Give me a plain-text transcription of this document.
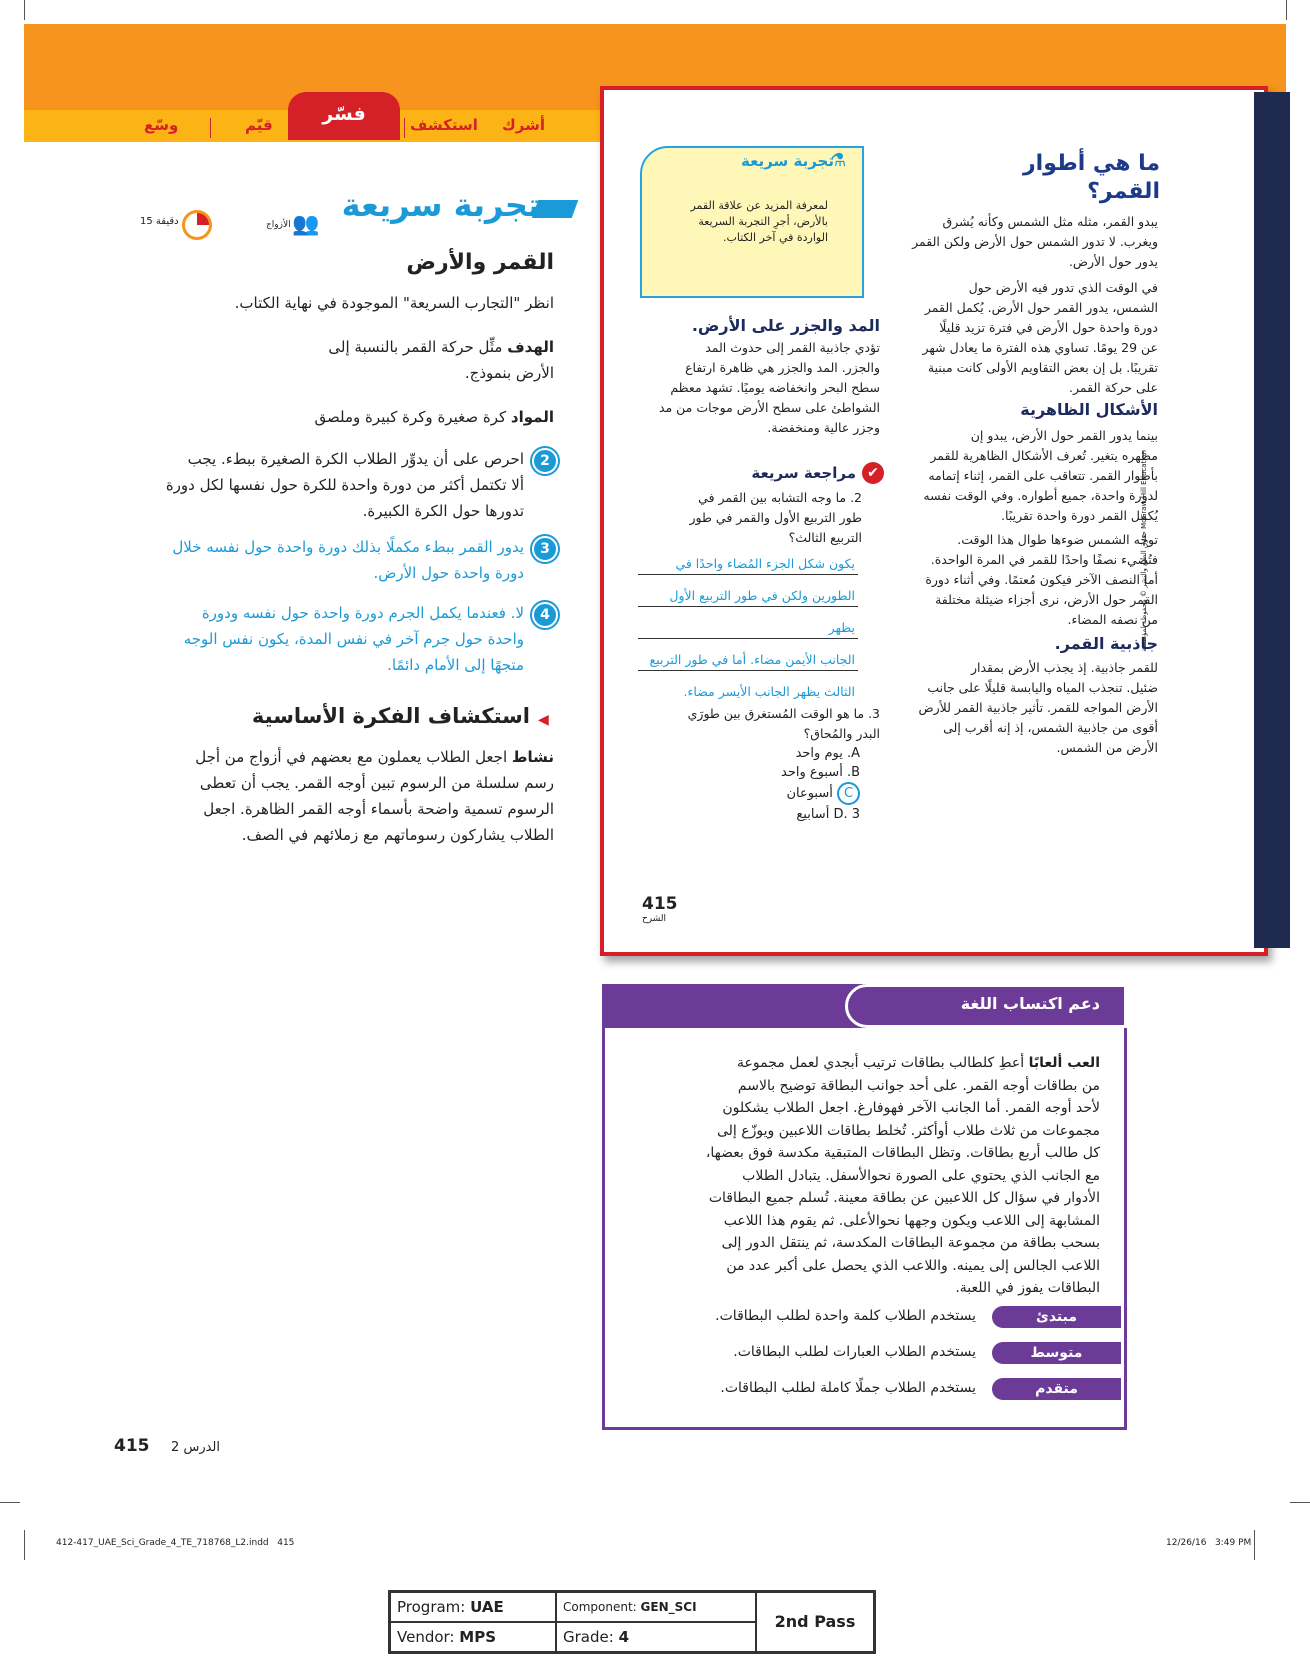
فسّر	أشرك
استكشف
قيّم
وسّع
ما هي أطوار
القمر؟
يبدو القمر، مثله مثل الشمس وكأنه يُشرق
ويغرب. لا تدور الشمس حول الأرض ولكن القمر
يدور حول الأرض.
في الوقت الذي تدور فيه الأرض حول
الشمس، يدور القمر حول الأرض. يُكمل القمر
دورة واحدة حول الأرض في فترة تزيد قليلًا
عن 29 يومًا. تساوي هذه الفترة ما يعادل شهر
تقريبًا. بل إن بعض التقاويم الأولى كانت مبنية
على حركة القمر.
الأشكال الظاهرية
بينما يدور القمر حول الأرض، يبدو إن
مظهره يتغير. تُعرف الأشكال الظاهرية للقمر
بأطوار القمر. تتعاقب على القمر، إثناء إتمامه
لدورة واحدة، جميع أطواره. وفي الوقت نفسه
يُكمل القمر دورة واحدة تقريبًا.
توجّه الشمس ضوءها طوال هذا الوقت.
فتُضيء نصفًا واحدًا للقمر في المرة الواحدة.
أما النصف الآخر فيكون مُعتمًا. وفي أثناء دورة
القمر حول الأرض، نرى أجزاء ضيئلة مختلفة
من نصفه المضاء.
جاذبية القمر.
للقمر جاذبية. إذ يجذب الأرض بمقدار
ضئيل. تنجذب المياه واليابسة قليلًا على جانب
الأرض المواجه للقمر. تأثير جاذبية القمر للأرض
أقوى من جاذبية الشمس، إذ إنه أقرب إلى
الأرض من الشمس.
تجربة سريعة
⚗
لمعرفة المزيد عن علاقة القمر
بالأرض، أجرِ التجربة السريعة
الواردة في آخر الكتاب.
المد والجزر على الأرض.
تؤدي جاذبية القمر إلى حدوث المد
والجزر. المد والجزر هي ظاهرة ارتفاع
سطح البحر وانخفاضه يوميًا. تشهد معظم
الشواطئ على سطح الأرض موجات من مد
وجزر عالية ومنخفضة.
✔
مراجعة سريعة
2. ما وجه التشابه بين القمر في
طور التربيع الأول والقمر في طور
التربيع الثالث؟
يكون شكل الجزء المُضاء واحدًا في
الطورين ولكن في طور التربيع الأول يظهر
الجانب الأيمن مضاء. أما في طور التربيع
الثالث يظهر الجانب الأيسر مضاء.
3. ما هو الوقت المُستغرق بين طورَي
البدر والمُحاق؟
A. يوم واحد
B. أسبوع واحد
C أسبوعان
D. 3 أسابيع
415
الشرح
McGraw-Hill Education حقوق الطبع والنشر © محفوظة لمؤسسة
تجربة سريعة
👥
الأزواج
15 دقيقة
القمر والأرض
انظر "التجارب السريعة" الموجودة في نهاية الكتاب.
الهدف مثِّل حركة القمر بالنسبة إلى
الأرض بنموذج.
المواد كرة صغيرة وكرة كبيرة وملصق
2
احرص على أن يدوِّر الطلاب الكرة الصغيرة ببطء. يجب
ألا تكتمل أكثر من دورة واحدة للكرة حول نفسها لكل دورة
تدورها حول الكرة الكبيرة.
3
يدور القمر ببطء مكملًا بذلك دورة واحدة حول نفسه خلال
دورة واحدة حول الأرض.
4
لا. فعندما يكمل الجرم دورة واحدة حول نفسه ودورة
واحدة حول جرم آخر في نفس المدة، يكون نفس الوجه
متجهًا إلى الأمام دائمًا.
◀
استكشاف الفكرة الأساسية
نشاط اجعل الطلاب يعملون مع بعضهم في أزواج من أجل
رسم سلسلة من الرسوم تبين أوجه القمر. يجب أن تعطى
الرسوم تسمية واضحة بأسماء أوجه القمر الظاهرة. اجعل
الطلاب يشاركون رسوماتهم مع زملائهم في الصف.
دعم اكتساب اللغة
العب ألعابًا أعطِ كلطالب بطاقات ترتيب أبجدي لعمل مجموعة
من بطاقات أوجه القمر. على أحد جوانب البطاقة توضيح بالاسم
لأحد أوجه القمر. أما الجانب الآخر فهوفارغ. اجعل الطلاب يشكلون
مجموعات من ثلاث طلاب أوأكثر. تُخلط بطاقات اللاعبين ويوزّع إلى
كل طالب أربع بطاقات. وتظل البطاقات المتبقية مكدسة فوق بعضها،
مع الجانب الذي يحتوي على الصورة نحوالأسفل. يتبادل الطلاب
الأدوار في سؤال كل اللاعبين عن بطاقة معينة. تُسلم جميع البطاقات
المشابهة إلى اللاعب ويكون وجهها نحوالأعلى. ثم يقوم هذا اللاعب
بسحب بطاقة من مجموعة البطاقات المكدسة، ثم ينتقل الدور إلى
اللاعب الجالس إلى يمينه. واللاعب الذي يحصل على أكبر عدد من
البطاقات يفوز في اللعبة.
مبتدئ
يستخدم الطلاب كلمة واحدة لطلب البطاقات.
متوسط
يستخدم الطلاب العبارات لطلب البطاقات.
متقدم
يستخدم الطلاب جملًا كاملة لطلب البطاقات.
415	الدرس 2
412-417_UAE_Sci_Grade_4_TE_718768_L2.indd   415	12/26/16   3:49 PM
Program: UAE	Component: GEN_SCI
Vendor: MPS	Grade: 4
2nd Pass
